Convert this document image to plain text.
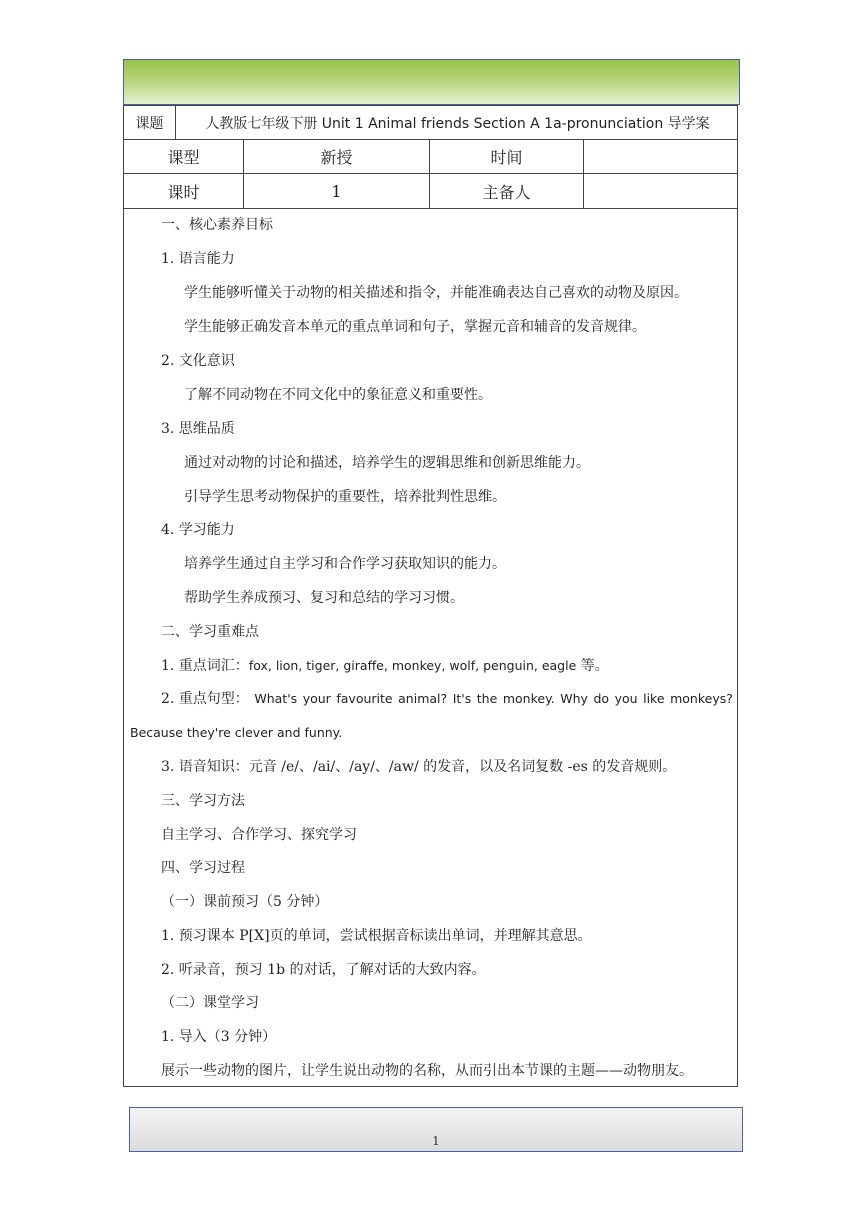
课题	人教版七年级下册 Unit 1 Animal friends Section A 1a-pronunciation 导学案
课型	新授	时间
课时	1	主备人
一、核心素养目标
1. 语言能力
学生能够听懂关于动物的相关描述和指令，并能准确表达自己喜欢的动物及原因。
学生能够正确发音本单元的重点单词和句子，掌握元音和辅音的发音规律。
2. 文化意识
了解不同动物在不同文化中的象征意义和重要性。
3. 思维品质
通过对动物的讨论和描述，培养学生的逻辑思维和创新思维能力。
引导学生思考动物保护的重要性，培养批判性思维。
4. 学习能力
培养学生通过自主学习和合作学习获取知识的能力。
帮助学生养成预习、复习和总结的学习习惯。
二、学习重难点
1. 重点词汇：fox, lion, tiger, giraffe, monkey, wolf, penguin, eagle 等。
2. 重点句型： What's your favourite animal? It's the monkey. Why do you like monkeys?
Because they're clever and funny.
3. 语音知识：元音 /e/、/ai/、/ay/、/aw/ 的发音，以及名词复数 -es 的发音规则。
三、学习方法
自主学习、合作学习、探究学习
四、学习过程
（一）课前预习（5 分钟）
1. 预习课本 P[X]页的单词，尝试根据音标读出单词，并理解其意思。
2. 听录音，预习 1b 的对话，了解对话的大致内容。
（二）课堂学习
1. 导入（3 分钟）
展示一些动物的图片，让学生说出动物的名称，从而引出本节课的主题——动物朋友。
1
